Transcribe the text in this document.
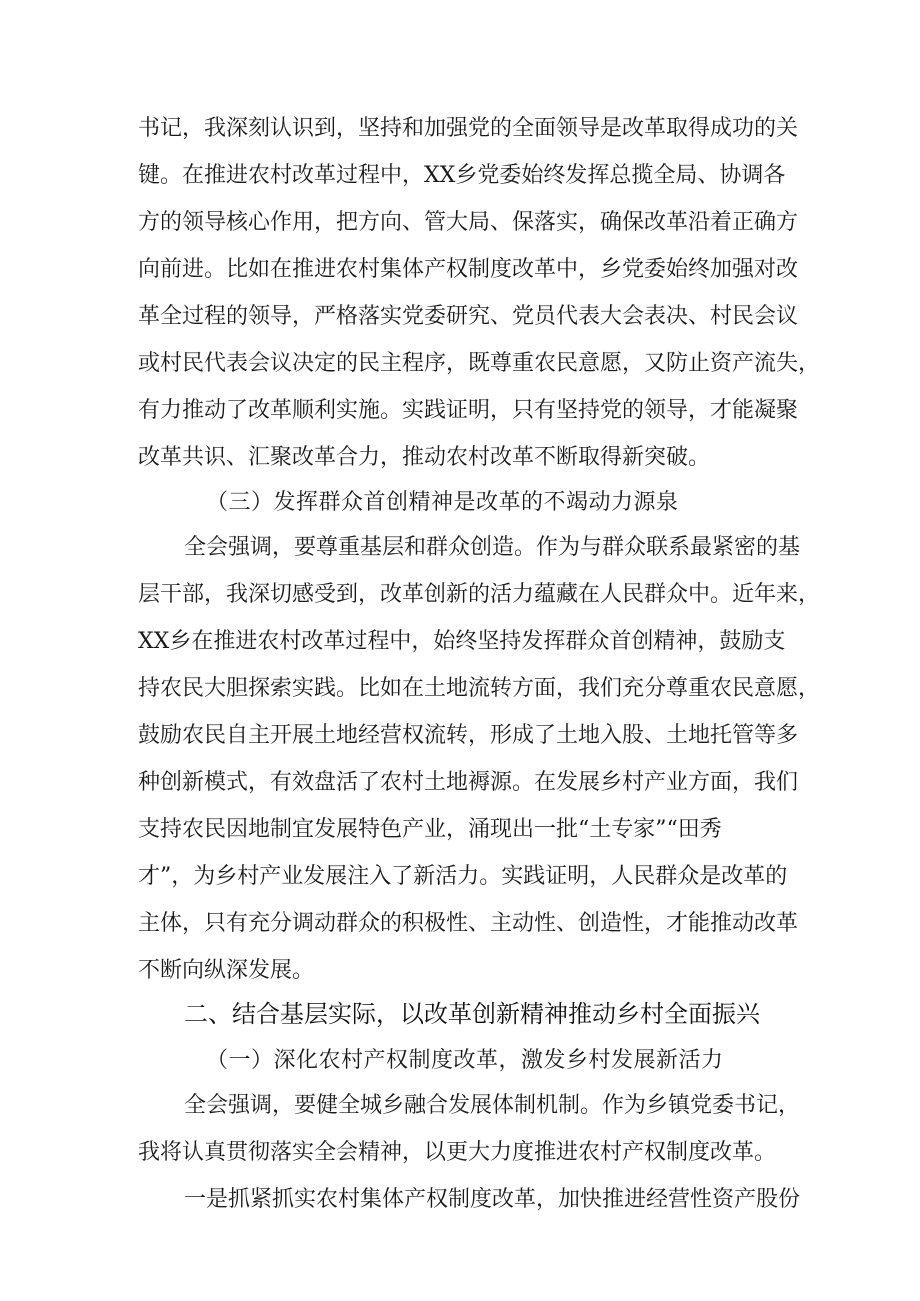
书记，我深刻认识到，坚持和加强党的全面领导是改革取得成功的关
键。在推进农村改革过程中，XX乡党委始终发挥总揽全局、协调各
方的领导核心作用，把方向、管大局、保落实，确保改革沿着正确方
向前进。比如在推进农村集体产权制度改革中，乡党委始终加强对改
革全过程的领导，严格落实党委研究、党员代表大会表决、村民会议
或村民代表会议决定的民主程序，既尊重农民意愿，又防止资产流失，
有力推动了改革顺利实施。实践证明，只有坚持党的领导，才能凝聚
改革共识、汇聚改革合力，推动农村改革不断取得新突破。
（三）发挥群众首创精神是改革的不竭动力源泉
全会强调，要尊重基层和群众创造。作为与群众联系最紧密的基
层干部，我深切感受到，改革创新的活力蕴藏在人民群众中。近年来，
XX乡在推进农村改革过程中，始终坚持发挥群众首创精神，鼓励支
持农民大胆探索实践。比如在土地流转方面，我们充分尊重农民意愿，
鼓励农民自主开展土地经营权流转，形成了土地入股、土地托管等多
种创新模式，有效盘活了农村土地褥源。在发展乡村产业方面，我们
支持农民因地制宜发展特色产业，涌现出一批“土专家”“田秀
才”，为乡村产业发展注入了新活力。实践证明，人民群众是改革的
主体，只有充分调动群众的积极性、主动性、创造性，才能推动改革
不断向纵深发展。
二、结合基层实际，以改革创新精神推动乡村全面振兴
（一）深化农村产权制度改革，激发乡村发展新活力
全会强调，要健全城乡融合发展体制机制。作为乡镇党委书记，
我将认真贯彻落实全会精神，以更大力度推进农村产权制度改革。
一是抓紧抓实农村集体产权制度改革，加快推进经营性资产股份
